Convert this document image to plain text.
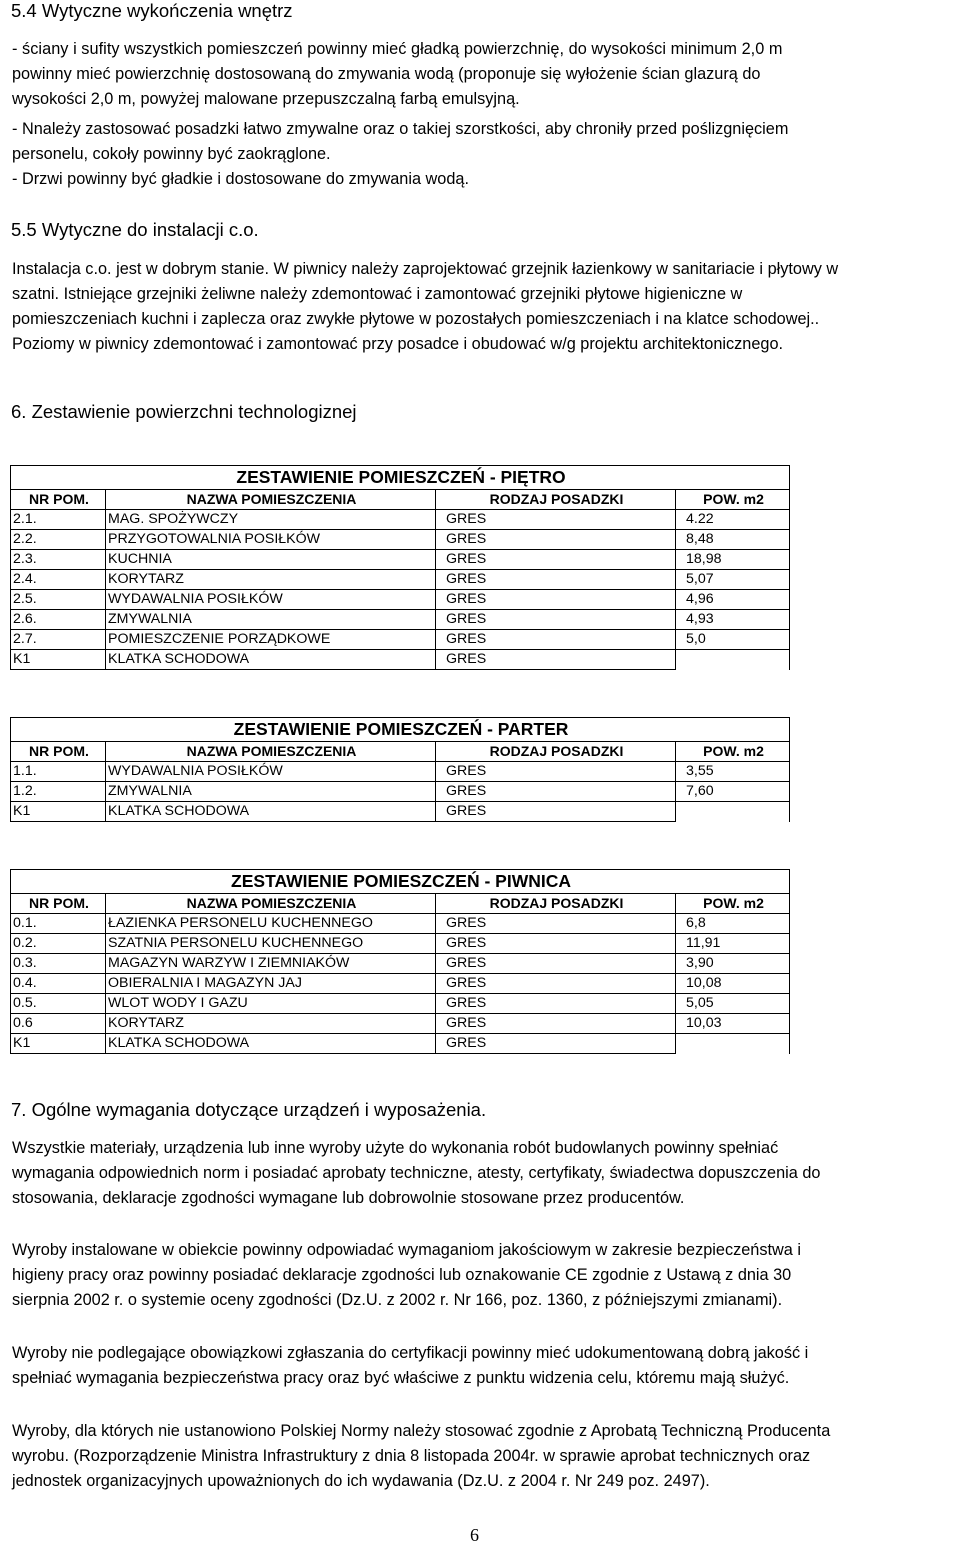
5.4 Wytyczne wykończenia wnętrz
- ściany i sufity wszystkich pomieszczeń powinny mieć gładką powierzchnię, do wysokości minimum 2,0 m
powinny mieć powierzchnię dostosowaną do zmywania wodą (proponuje się wyłożenie ścian glazurą do
wysokości 2,0 m, powyżej malowane przepuszczalną farbą emulsyjną.
- Nnależy zastosować posadzki łatwo zmywalne oraz o takiej szorstkości, aby chroniły przed poślizgnięciem
personelu, cokoły powinny być zaokrąglone.
- Drzwi powinny być gładkie i dostosowane do zmywania wodą.
5.5 Wytyczne do instalacji c.o.
Instalacja c.o. jest w dobrym stanie. W piwnicy należy zaprojektować grzejnik łazienkowy w sanitariacie i płytowy w
szatni. Istniejące grzejniki żeliwne należy zdemontować i zamontować grzejniki płytowe higieniczne w
pomieszczeniach kuchni i zaplecza oraz zwykłe płytowe w pozostałych pomieszczeniach i na klatce schodowej..
Poziomy w piwnicy zdemontować i zamontować przy posadce i obudować w/g projektu architektonicznego.
6. Zestawienie powierzchni technologiznej
ZESTAWIENIE POMIESZCZEŃ - PIĘTRO			
NR POM.	NAZWA POMIESZCZENIA	RODZAJ POSADZKI	POW. m2
2.1.	MAG. SPOŻYWCZY	GRES	4.22
2.2.	PRZYGOTOWALNIA POSIŁKÓW	GRES	8,48
2.3.	KUCHNIA	GRES	18,98
2.4.	KORYTARZ	GRES	5,07
2.5.	WYDAWALNIA POSIŁKÓW	GRES	4,96
2.6.	ZMYWALNIA	GRES	4,93
2.7.	POMIESZCZENIE PORZĄDKOWE	GRES	5,0
K1	KLATKA SCHODOWA	GRES	
ZESTAWIENIE POMIESZCZEŃ - PARTER			
NR POM.	NAZWA POMIESZCZENIA	RODZAJ POSADZKI	POW. m2
1.1.	WYDAWALNIA POSIŁKÓW	GRES	3,55
1.2.	ZMYWALNIA	GRES	7,60
K1	KLATKA SCHODOWA	GRES	
ZESTAWIENIE POMIESZCZEŃ - PIWNICA			
NR POM.	NAZWA POMIESZCZENIA	RODZAJ POSADZKI	POW. m2
0.1.	ŁAZIENKA PERSONELU KUCHENNEGO	GRES	6,8
0.2.	SZATNIA PERSONELU KUCHENNEGO	GRES	11,91
0.3.	MAGAZYN WARZYW I ZIEMNIAKÓW	GRES	3,90
0.4.	OBIERALNIA I MAGAZYN JAJ	GRES	10,08
0.5.	WLOT WODY I GAZU	GRES	5,05
0.6	KORYTARZ	GRES	10,03
K1	KLATKA SCHODOWA	GRES	
7. Ogólne wymagania dotyczące urządzeń i wyposażenia.
Wszystkie materiały, urządzenia lub inne wyroby użyte do wykonania robót budowlanych powinny spełniać
wymagania odpowiednich norm i posiadać aprobaty techniczne, atesty, certyfikaty, świadectwa dopuszczenia do
stosowania, deklaracje zgodności wymagane lub dobrowolnie stosowane przez producentów.
Wyroby instalowane w obiekcie powinny odpowiadać wymaganiom jakościowym w zakresie bezpieczeństwa i
higieny pracy oraz powinny posiadać deklaracje zgodności lub oznakowanie CE zgodnie z Ustawą z dnia 30
sierpnia 2002 r. o systemie oceny zgodności (Dz.U. z 2002 r. Nr 166, poz. 1360, z późniejszymi zmianami).
Wyroby nie podlegające obowiązkowi zgłaszania do certyfikacji powinny mieć udokumentowaną dobrą jakość i
spełniać wymagania bezpieczeństwa pracy oraz być właściwe z punktu widzenia celu, któremu mają służyć.
Wyroby, dla których nie ustanowiono Polskiej Normy należy stosować zgodnie z Aprobatą Techniczną Producenta
wyrobu. (Rozporządzenie Ministra Infrastruktury z dnia 8 listopada 2004r. w sprawie aprobat technicznych oraz
jednostek organizacyjnych upoważnionych do ich wydawania (Dz.U. z 2004 r. Nr 249 poz. 2497).
6
